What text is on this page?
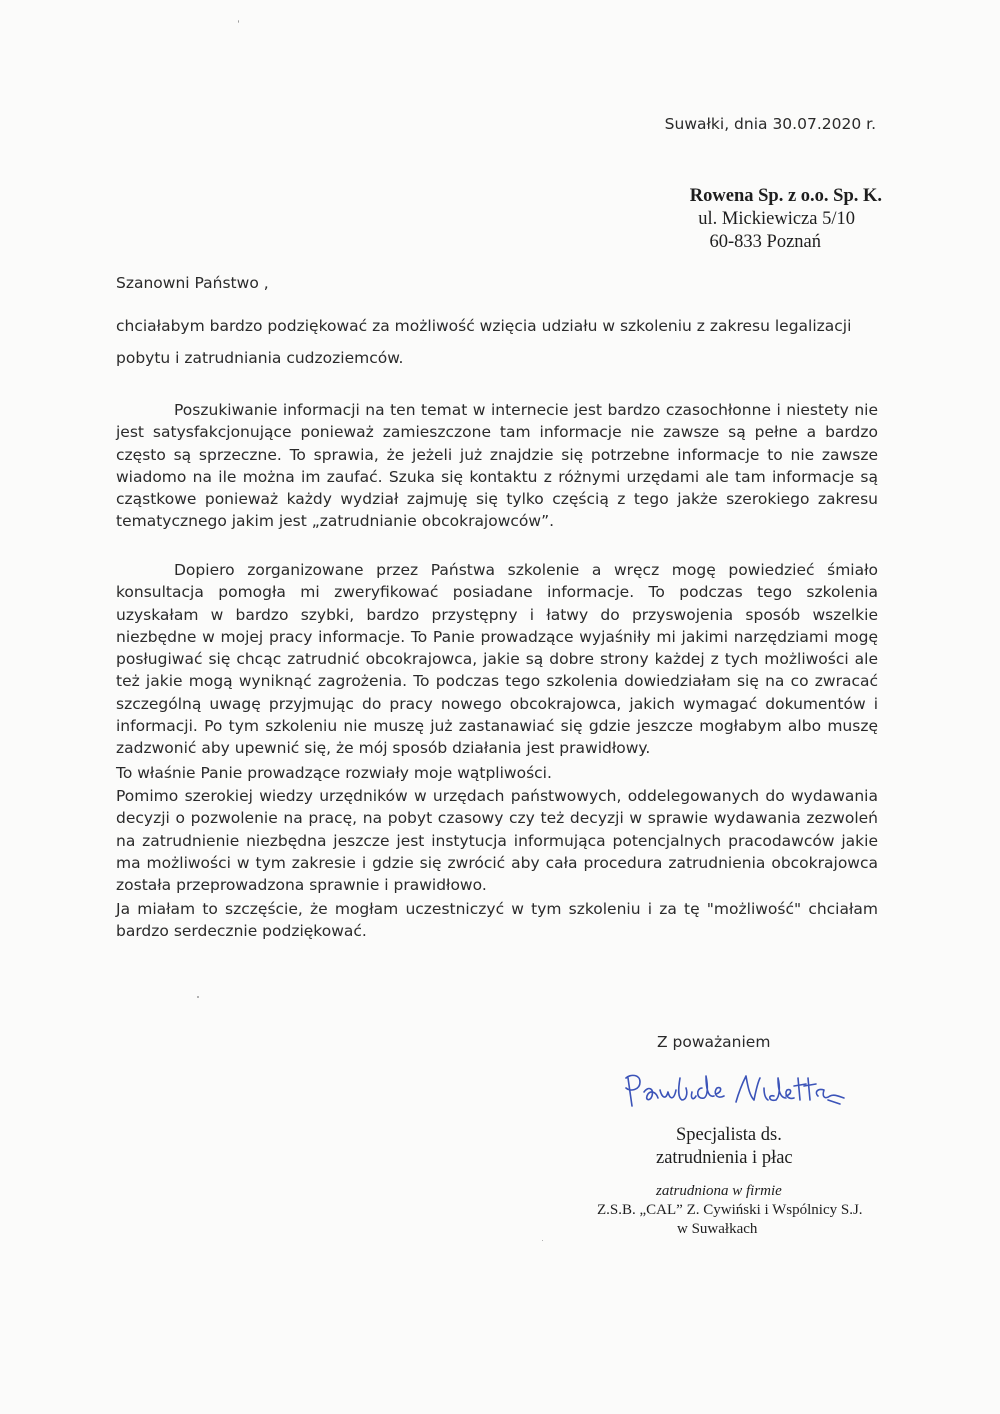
Suwałki, dnia 30.07.2020 r.
Rowena Sp. z o.o. Sp. K.
ul. Mickiewicza 5/10
60-833 Poznań
Szanowni Państwo ,
chciałabym bardzo podziękować za możliwość wzięcia udziału w szkoleniu z zakresu legalizacji pobytu i zatrudniania cudzoziemców.
Poszukiwanie informacji na ten temat w internecie jest bardzo czasochłonne i niestety nie jest satysfakcjonujące ponieważ zamieszczone tam informacje nie zawsze są pełne a bardzo często są sprzeczne. To sprawia, że jeżeli już znajdzie się potrzebne informacje to nie zawsze wiadomo na ile można im zaufać. Szuka się kontaktu z różnymi urzędami ale tam informacje są cząstkowe ponieważ każdy wydział zajmuję się tylko częścią z tego jakże szerokiego zakresu tematycznego jakim jest „zatrudnianie obcokrajowców”.
Dopiero zorganizowane przez Państwa szkolenie a wręcz mogę powiedzieć śmiało konsultacja pomogła mi zweryfikować posiadane informacje. To podczas tego szkolenia uzyskałam w bardzo szybki, bardzo przystępny i łatwy do przyswojenia sposób wszelkie niezbędne w mojej pracy informacje. To Panie prowadzące wyjaśniły mi jakimi narzędziami mogę posługiwać się chcąc zatrudnić obcokrajowca, jakie są dobre strony każdej z tych możliwości ale też jakie mogą wyniknąć zagrożenia. To podczas tego szkolenia dowiedziałam się na co zwracać szczególną uwagę przyjmując do pracy nowego obcokrajowca, jakich wymagać dokumentów i informacji. Po tym szkoleniu nie muszę już zastanawiać się gdzie jeszcze mogłabym albo muszę zadzwonić aby upewnić się, że mój sposób działania jest prawidłowy.
To właśnie Panie prowadzące rozwiały moje wątpliwości.
Pomimo szerokiej wiedzy urzędników w urzędach państwowych, oddelegowanych do wydawania decyzji o pozwolenie na pracę, na pobyt czasowy czy też decyzji w sprawie wydawania zezwoleń na zatrudnienie niezbędna jeszcze jest instytucja informująca potencjalnych pracodawców jakie ma możliwości w tym zakresie i gdzie się zwrócić aby cała procedura zatrudnienia obcokrajowca została przeprowadzona sprawnie i prawidłowo.
Ja miałam to szczęście, że mogłam uczestniczyć w tym szkoleniu i za tę "możliwość" chciałam bardzo serdecznie podziękować.
Z poważaniem
Specjalista ds.
zatrudnienia i płac
zatrudniona w firmie
Z.S.B. „CAL” Z. Cywiński i Wspólnicy S.J.
w Suwałkach
